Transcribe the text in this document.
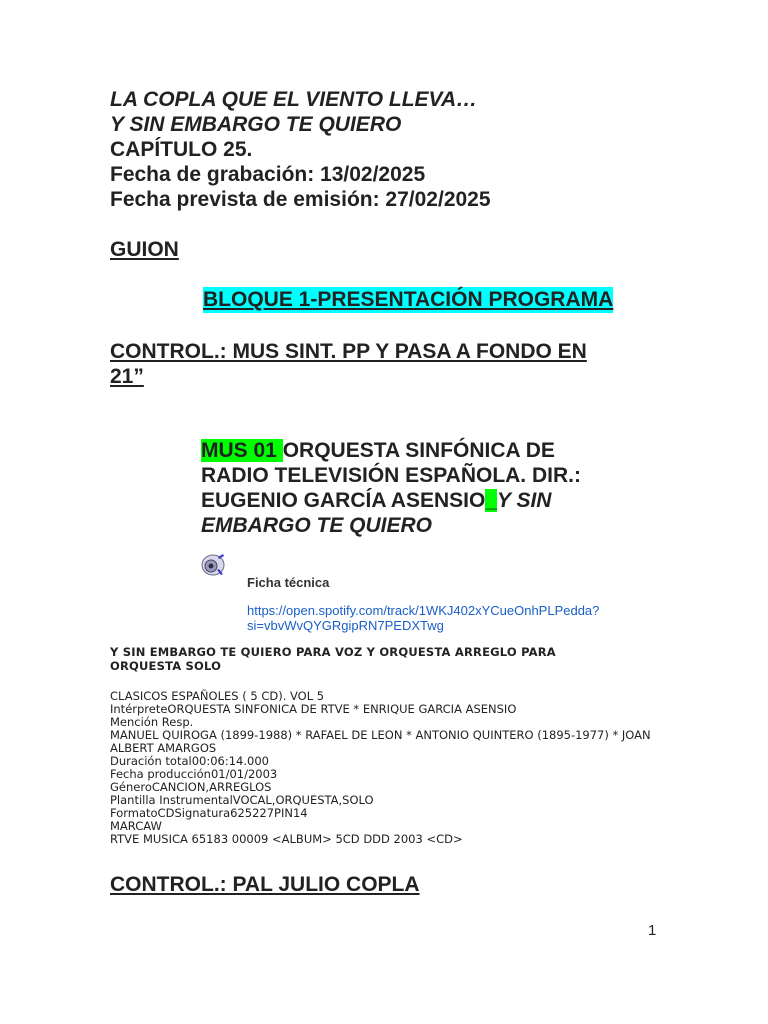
LA COPLA QUE EL VIENTO LLEVA…
Y SIN EMBARGO TE QUIERO
CAPÍTULO 25.
Fecha de grabación: 13/02/2025
Fecha prevista de emisión: 27/02/2025
GUION
BLOQUE 1-PRESENTACIÓN PROGRAMA
CONTROL.: MUS SINT. PP Y PASA A FONDO EN
21”
MUS 01 ORQUESTA SINFÓNICA DE
RADIO TELEVISIÓN ESPAÑOLA. DIR.:
EUGENIO GARCÍA ASENSIO_Y SIN
EMBARGO TE QUIERO
Ficha técnica
https://open.spotify.com/track/1WKJ402xYCueOnhPLPedda?
si=vbvWvQYGRgipRN7PEDXTwg
Y SIN EMBARGO TE QUIERO PARA VOZ Y ORQUESTA ARREGLO PARA ORQUESTA SOLO
CLASICOS ESPAÑOLES ( 5 CD). VOL 5
IntérpreteORQUESTA SINFONICA DE RTVE * ENRIQUE GARCIA ASENSIO
Mención Resp.
MANUEL QUIROGA (1899-1988) * RAFAEL DE LEON * ANTONIO QUINTERO (1895-1977) * JOAN
ALBERT AMARGOS
Duración total00:06:14.000
Fecha producción01/01/2003
GéneroCANCION,ARREGLOS
Plantilla InstrumentalVOCAL,ORQUESTA,SOLO
FormatoCDSignatura625227PIN14
MARCAW
RTVE MUSICA 65183 00009 <ALBUM> 5CD DDD 2003 <CD>
CONTROL.: PAL JULIO COPLA
1
